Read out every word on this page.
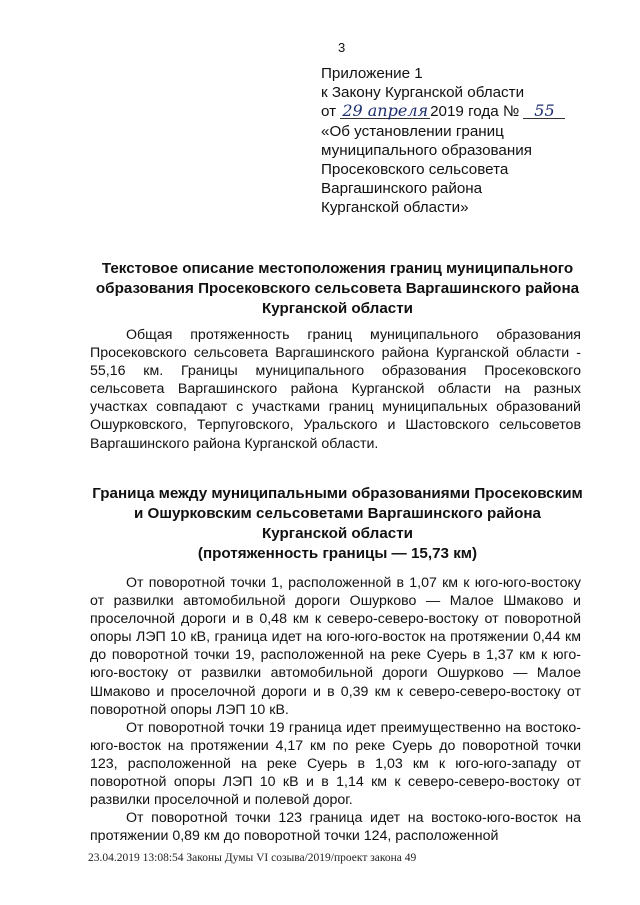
3
Приложение 1
к Закону Курганской области
от 29 апреля 2019 года № 55
«Об установлении границ
муниципального образования
Просековского сельсовета
Варгашинского района
Курганской области»
Текстовое описание местоположения границ муниципального
образования Просековского сельсовета Варгашинского района
Курганской области

Общая протяженность границ муниципального образования Просековского сельсовета Варгашинского района Курганской области - 55,16 км. Границы муниципального образования Просековского сельсовета Варгашинского района Курганской области на разных участках совпадают с участками границ муниципальных образований Ошурковского, Терпуговского, Уральского и Шастовского сельсоветов Варгашинского района Курганской области.

Граница между муниципальными образованиями Просековским
и Ошурковским сельсоветами Варгашинского района
Курганской области
(протяженность границы — 15,73 км)

От поворотной точки 1, расположенной в 1,07 км к юго-юго-востоку от развилки автомобильной дороги Ошурково — Малое Шмаково и проселочной дороги и в 0,48 км к северо-северо-востоку от поворотной опоры ЛЭП 10 кВ, граница идет на юго-юго-восток на протяжении 0,44 км до поворотной точки 19, расположенной на реке Суерь в 1,37 км к юго-юго-востоку от развилки автомобильной дороги Ошурково — Малое Шмаково и проселочной дороги и в 0,39 км к северо-северо-востоку от поворотной опоры ЛЭП 10 кВ.

От поворотной точки 19 граница идет преимущественно на востоко-юго-восток на протяжении 4,17 км по реке Суерь до поворотной точки 123, расположенной на реке Суерь в 1,03 км к юго-юго-западу от поворотной опоры ЛЭП 10 кВ и в 1,14 км к северо-северо-востоку от развилки проселочной и полевой дорог.

От поворотной точки 123 граница идет на востоко-юго-восток на протяжении 0,89 км до поворотной точки 124, расположенной

23.04.2019 13:08:54 Законы Думы VI созыва/2019/проект закона 49
